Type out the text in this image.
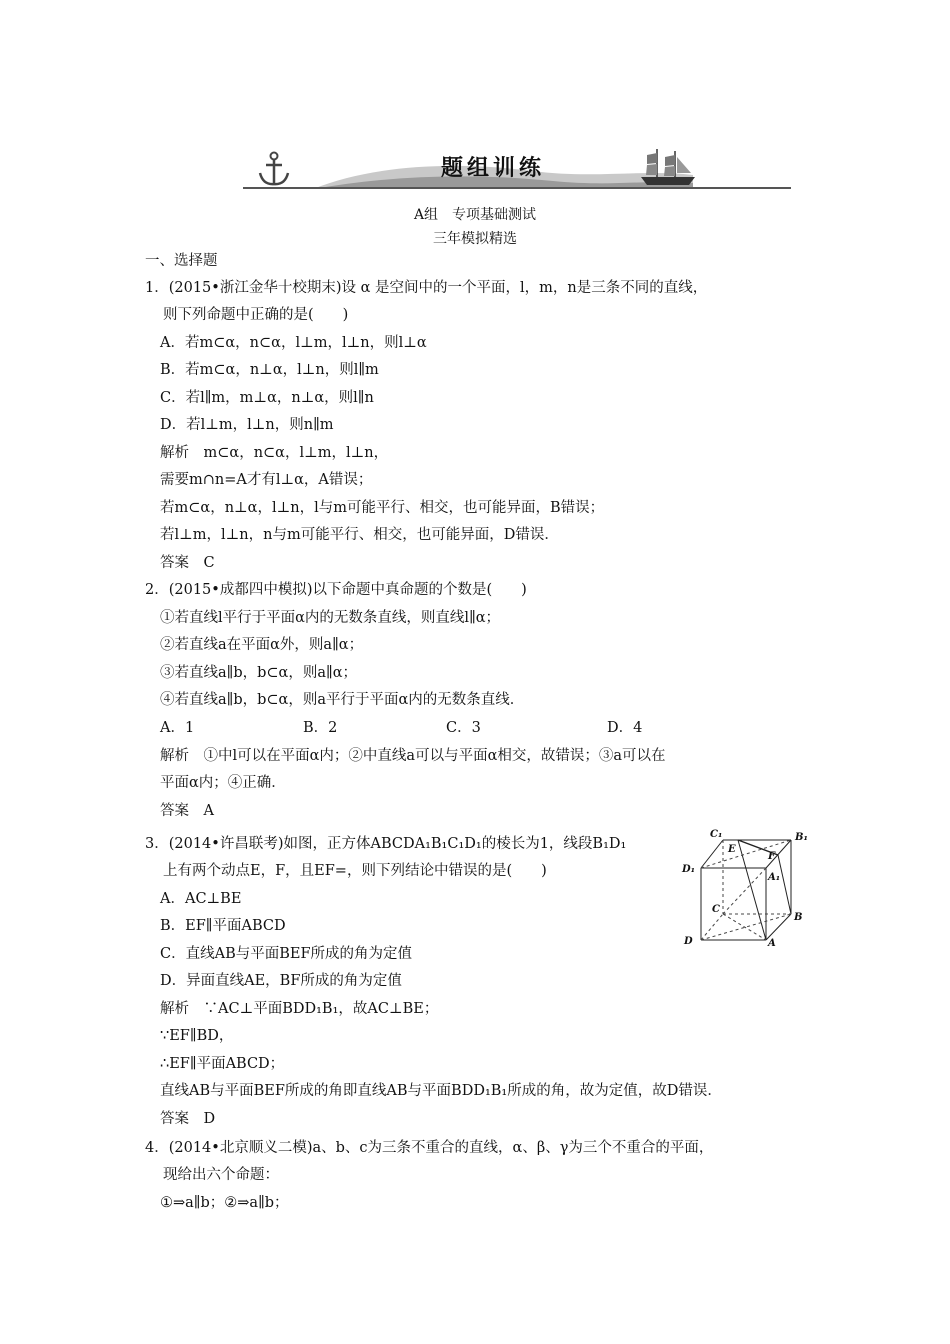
题组训练
A组　专项基础测试
三年模拟精选
一、选择题
1．(2015•浙江金华十校期末)设 α 是空间中的一个平面，l，m，n是三条不同的直线，
则下列命题中正确的是(　　)
A．若m⊂α，n⊂α，l⊥m，l⊥n，则l⊥α
B．若m⊂α，n⊥α，l⊥n，则l∥m
C．若l∥m，m⊥α，n⊥α，则l∥n
D．若l⊥m，l⊥n，则n∥m
解析　m⊂α，n⊂α，l⊥m，l⊥n，
需要m∩n=A才有l⊥α，A错误；
若m⊂α，n⊥α，l⊥n，l与m可能平行、相交，也可能异面，B错误；
若l⊥m，l⊥n，n与m可能平行、相交，也可能异面，D错误．
答案　C
2．(2015•成都四中模拟)以下命题中真命题的个数是(　　)
①若直线l平行于平面α内的无数条直线，则直线l∥α；
②若直线a在平面α外，则a∥α；
③若直线a∥b，b⊂α，则a∥α；
④若直线a∥b，b⊂α，则a平行于平面α内的无数条直线．
A．1	B．2	C．3	D．4
解析　①中l可以在平面α内；②中直线a可以与平面α相交，故错误；③a可以在
平面α内；④正确．
答案　A
3．(2014•许昌联考)如图，正方体ABCDA₁B₁C₁D₁的棱长为1，线段B₁D₁
上有两个动点E，F，且EF=，则下列结论中错误的是(　　)
A．AC⊥BE
B．EF∥平面ABCD
C．直线AB与平面BEF所成的角为定值
D．异面直线AE，BF所成的角为定值
解析　∵AC⊥平面BDD₁B₁，故AC⊥BE；
∵EF∥BD，
∴EF∥平面ABCD；
直线AB与平面BEF所成的角即直线AB与平面BDD₁B₁所成的角，故为定值，故D错误．
答案　D
C₁
E
F
B₁
D₁
A₁
C
B
D	A
4．(2014•北京顺义二模)a、b、c为三条不重合的直线，α、β、γ为三个不重合的平面，
现给出六个命题：
①⇒a∥b；②⇒a∥b；
